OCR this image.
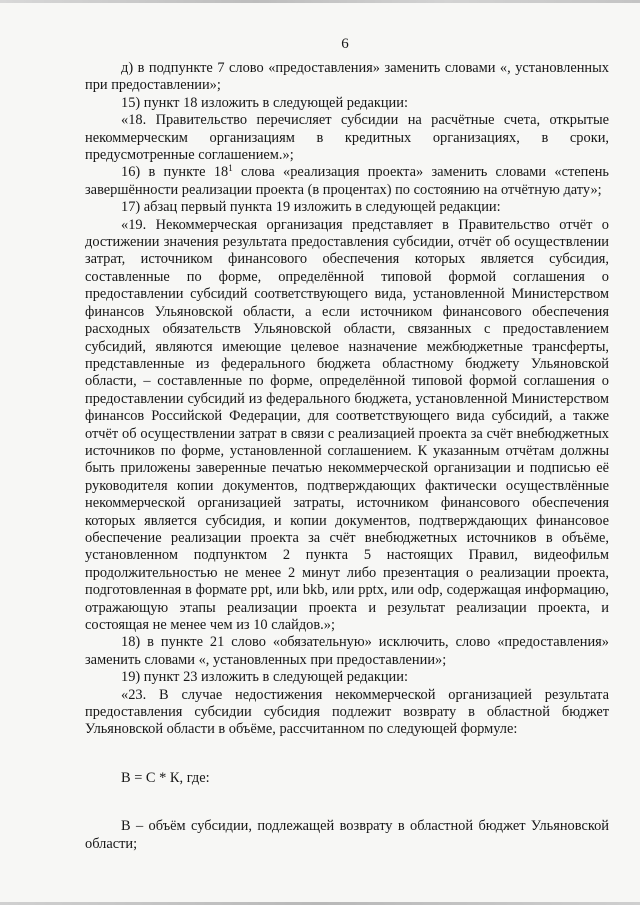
6

д) в подпункте 7 слово «предоставления» заменить словами «, установленных при предоставлении»;

15) пункт 18 изложить в следующей редакции:

«18. Правительство перечисляет субсидии на расчётные счета, открытые некоммерческим организациям в кредитных организациях, в сроки, предусмотренные соглашением.»;

16) в пункте $18^1$ слова «реализация проекта» заменить словами «степень завершённости реализации проекта (в процентах) по состоянию на отчётную дату»;

17) абзац первый пункта 19 изложить в следующей редакции:

«19. Некоммерческая организация представляет в Правительство отчёт о достижении значения результата предоставления субсидии, отчёт об осуществлении затрат, источником финансового обеспечения которых является субсидия, составленные по форме, определённой типовой формой соглашения о предоставлении субсидий соответствующего вида, установленной Министерством финансов Ульяновской области, а если источником финансового обеспечения расходных обязательств Ульяновской области, связанных с предоставлением субсидий, являются имеющие целевое назначение межбюджетные трансферты, представленные из федерального бюджета областному бюджету Ульяновской области, – составленные по форме, определённой типовой формой соглашения о предоставлении субсидий из федерального бюджета, установленной Министерством финансов Российской Федерации, для соответствующего вида субсидий, а также отчёт об осуществлении затрат в связи с реализацией проекта за счёт внебюджетных источников по форме, установленной соглашением. К указанным отчётам должны быть приложены заверенные печатью некоммерческой организации и подписью её руководителя копии документов, подтверждающих фактически осуществлённые некоммерческой организацией затраты, источником финансового обеспечения которых является субсидия, и копии документов, подтверждающих финансовое обеспечение реализации проекта за счёт внебюджетных источников в объёме, установленном подпунктом 2 пункта 5 настоящих Правил, видеофильм продолжительностью не менее 2 минут либо презентация о реализации проекта, подготовленная в формате ppt, или bkb, или pptx, или odp, содержащая информацию, отражающую этапы реализации проекта и результат реализации проекта, и состоящая не менее чем из 10 слайдов.»;

18) в пункте 21 слово «обязательную» исключить, слово «предоставления» заменить словами «, установленных при предоставлении»;

19) пункт 23 изложить в следующей редакции:

«23. В случае недостижения некоммерческой организацией результата предоставления субсидии субсидия подлежит возврату в областной бюджет Ульяновской области в объёме, рассчитанном по следующей формуле:

В = С * К, где:

В – объём субсидии, подлежащей возврату в областной бюджет Ульяновской области;
